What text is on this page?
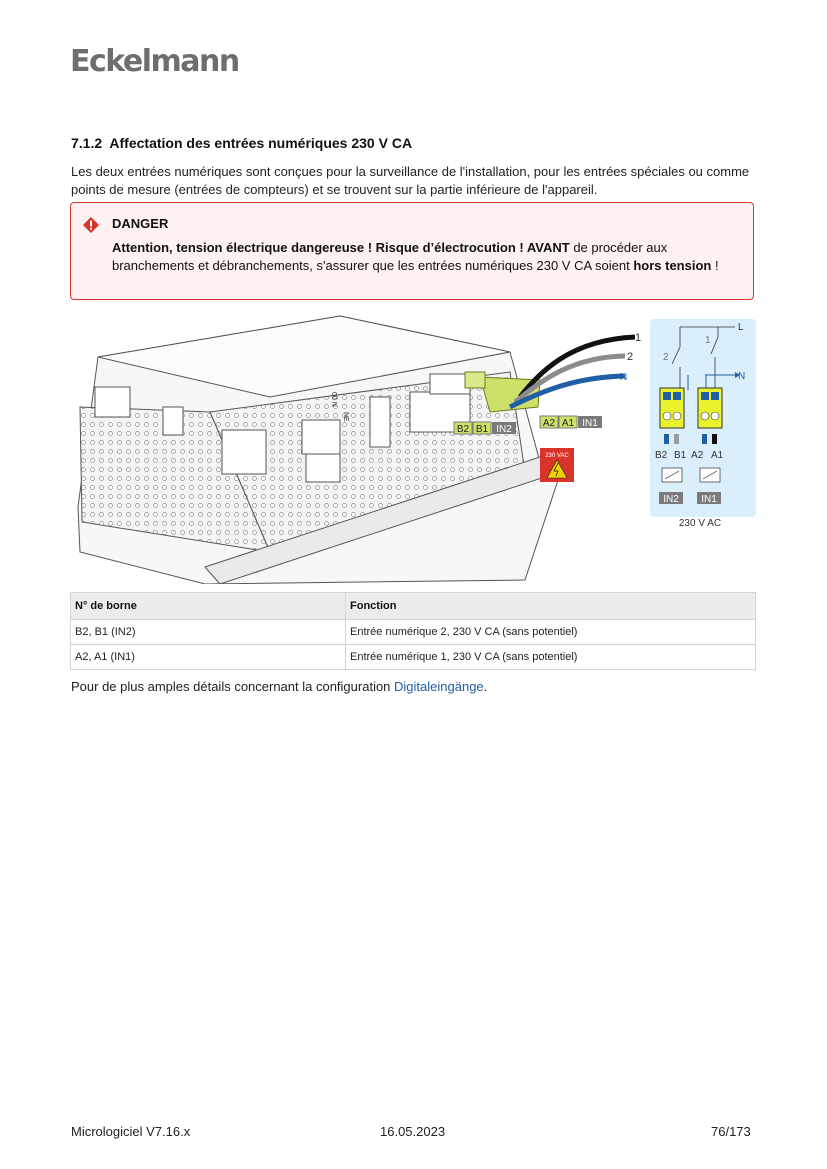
Eckelmann
7.1.2 Affectation des entrées numériques 230 V CA
Les deux entrées numériques sont conçues pour la surveillance de l'installation, pour les entrées spéciales ou comme points de mesure (entrées de compteurs) et se trouvent sur la partie inférieure de l'appareil.
DANGER
Attention, tension électrique dangereuse ! Risque d’électrocution ! AVANT de procéder aux branchements et débranchements, s'assurer que les entrées numériques 230 V CA soient hors tension !
00 N
NE
1
2
N
B2 B1 IN2
A2 A1 IN1
230 VAC
L
2
1
N
B2 B1 A2 A1
IN2 IN1
230 V AC
N° de borne	Fonction
B2, B1 (IN2)	Entrée numérique 2, 230 V CA (sans potentiel)
A2, A1 (IN1)	Entrée numérique 1, 230 V CA (sans potentiel)
Pour de plus amples détails concernant la configuration Digitaleingänge.
Micrologiciel V7.16.x	16.05.2023	76/173
